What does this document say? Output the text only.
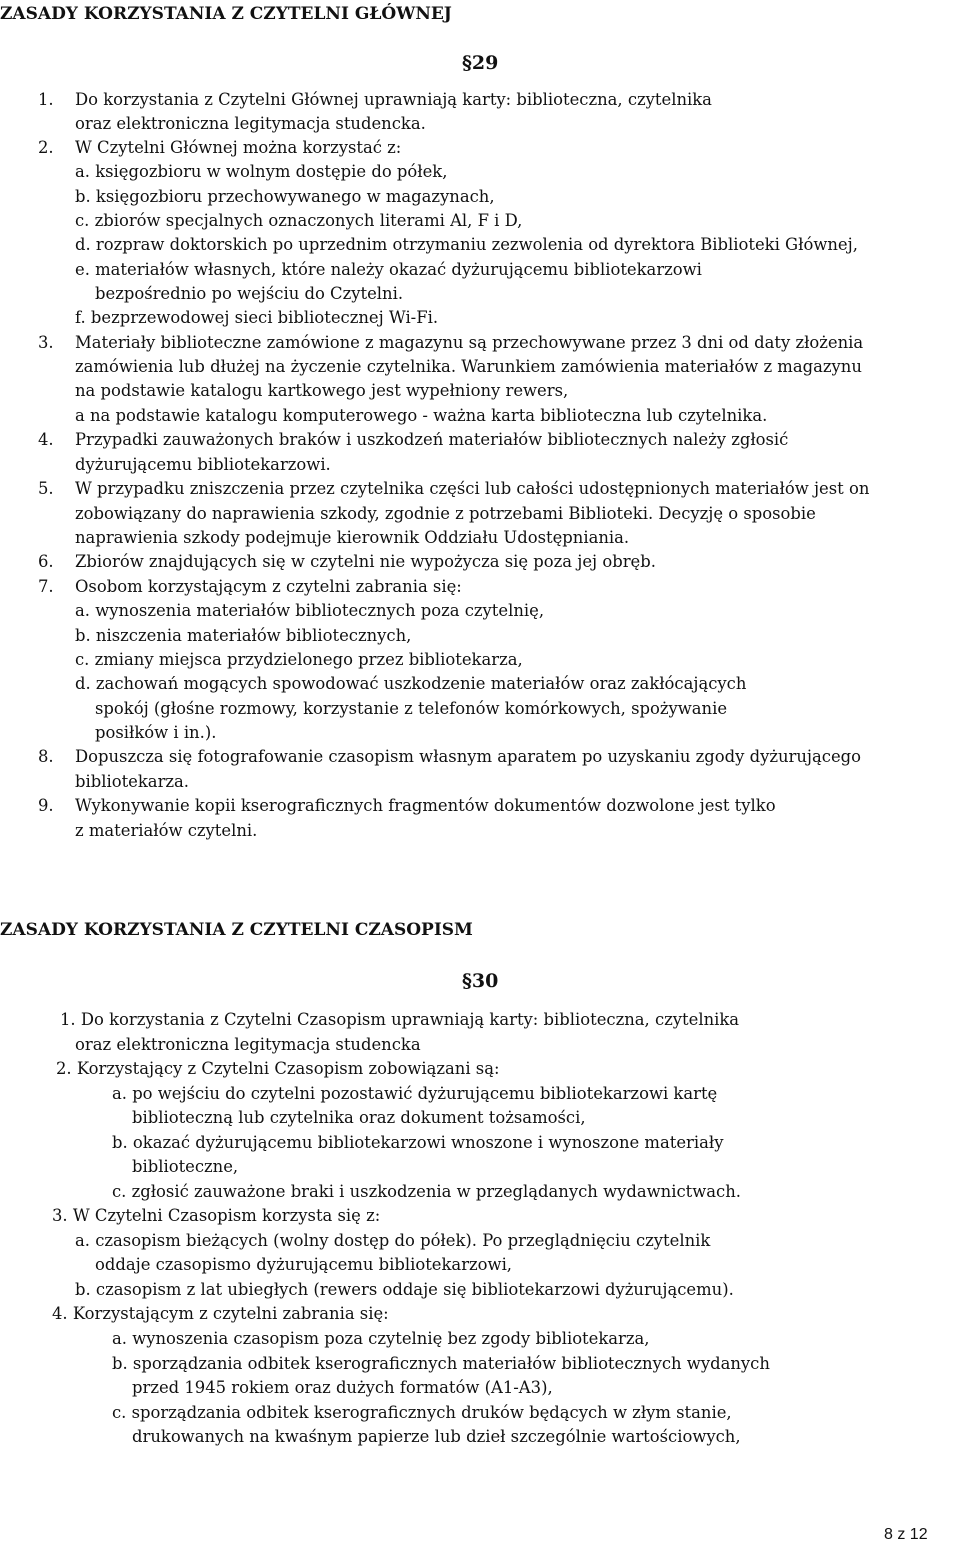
ZASADY KORZYSTANIA Z CZYTELNI GŁÓWNEJ
§29
1. Do korzystania z Czytelni Głównej uprawniają karty: biblioteczna, czytelnika
oraz elektroniczna legitymacja studencka.
2. W Czytelni Głównej można korzystać z:
a. księgozbioru w wolnym dostępie do półek,
b. księgozbioru przechowywanego w magazynach,
c. zbiorów specjalnych oznaczonych literami Al, F i D,
d. rozpraw doktorskich po uprzednim otrzymaniu zezwolenia od dyrektora Biblioteki Głównej,
e. materiałów własnych, które należy okazać dyżurującemu bibliotekarzowi
bezpośrednio po wejściu do Czytelni.
f. bezprzewodowej sieci bibliotecznej Wi-Fi.
3. Materiały biblioteczne zamówione z magazynu są przechowywane przez 3 dni od daty złożenia
zamówienia lub dłużej na życzenie czytelnika. Warunkiem zamówienia materiałów z magazynu
na podstawie katalogu kartkowego jest wypełniony rewers,
a na podstawie katalogu komputerowego - ważna karta biblioteczna lub czytelnika.
4. Przypadki zauważonych braków i uszkodzeń materiałów bibliotecznych należy zgłosić
dyżurującemu bibliotekarzowi.
5. W przypadku zniszczenia przez czytelnika części lub całości udostępnionych materiałów jest on
zobowiązany do naprawienia szkody, zgodnie z potrzebami Biblioteki. Decyzję o sposobie
naprawienia szkody podejmuje kierownik Oddziału Udostępniania.
6. Zbiorów znajdujących się w czytelni nie wypożycza się poza jej obręb.
7. Osobom korzystającym z czytelni zabrania się:
a. wynoszenia materiałów bibliotecznych poza czytelnię,
b. niszczenia materiałów bibliotecznych,
c. zmiany miejsca przydzielonego przez bibliotekarza,
d. zachowań mogących spowodować uszkodzenie materiałów oraz zakłócających
spokój (głośne rozmowy, korzystanie z telefonów komórkowych, spożywanie
posiłków i in.).
8. Dopuszcza się fotografowanie czasopism własnym aparatem po uzyskaniu zgody dyżurującego
bibliotekarza.
9. Wykonywanie kopii kserograficznych fragmentów dokumentów dozwolone jest tylko
z materiałów czytelni.
ZASADY KORZYSTANIA Z CZYTELNI CZASOPISM
§30
1. Do korzystania z Czytelni Czasopism uprawniają karty: biblioteczna, czytelnika
oraz elektroniczna legitymacja studencka
2. Korzystający z Czytelni Czasopism zobowiązani są:
a. po wejściu do czytelni pozostawić dyżurującemu bibliotekarzowi kartę
biblioteczną lub czytelnika oraz dokument tożsamości,
b. okazać dyżurującemu bibliotekarzowi wnoszone i wynoszone materiały
biblioteczne,
c. zgłosić zauważone braki i uszkodzenia w przeglądanych wydawnictwach.
3. W Czytelni Czasopism korzysta się z:
a. czasopism bieżących (wolny dostęp do półek). Po przeglądnięciu czytelnik
oddaje czasopismo dyżurującemu bibliotekarzowi,
b. czasopism z lat ubiegłych (rewers oddaje się bibliotekarzowi dyżurującemu).
4. Korzystającym z czytelni zabrania się:
a. wynoszenia czasopism poza czytelnię bez zgody bibliotekarza,
b. sporządzania odbitek kserograficznych materiałów bibliotecznych wydanych
przed 1945 rokiem oraz dużych formatów (A1-A3),
c. sporządzania odbitek kserograficznych druków będących w złym stanie,
drukowanych na kwaśnym papierze lub dzieł szczególnie wartościowych,
8 z 12
